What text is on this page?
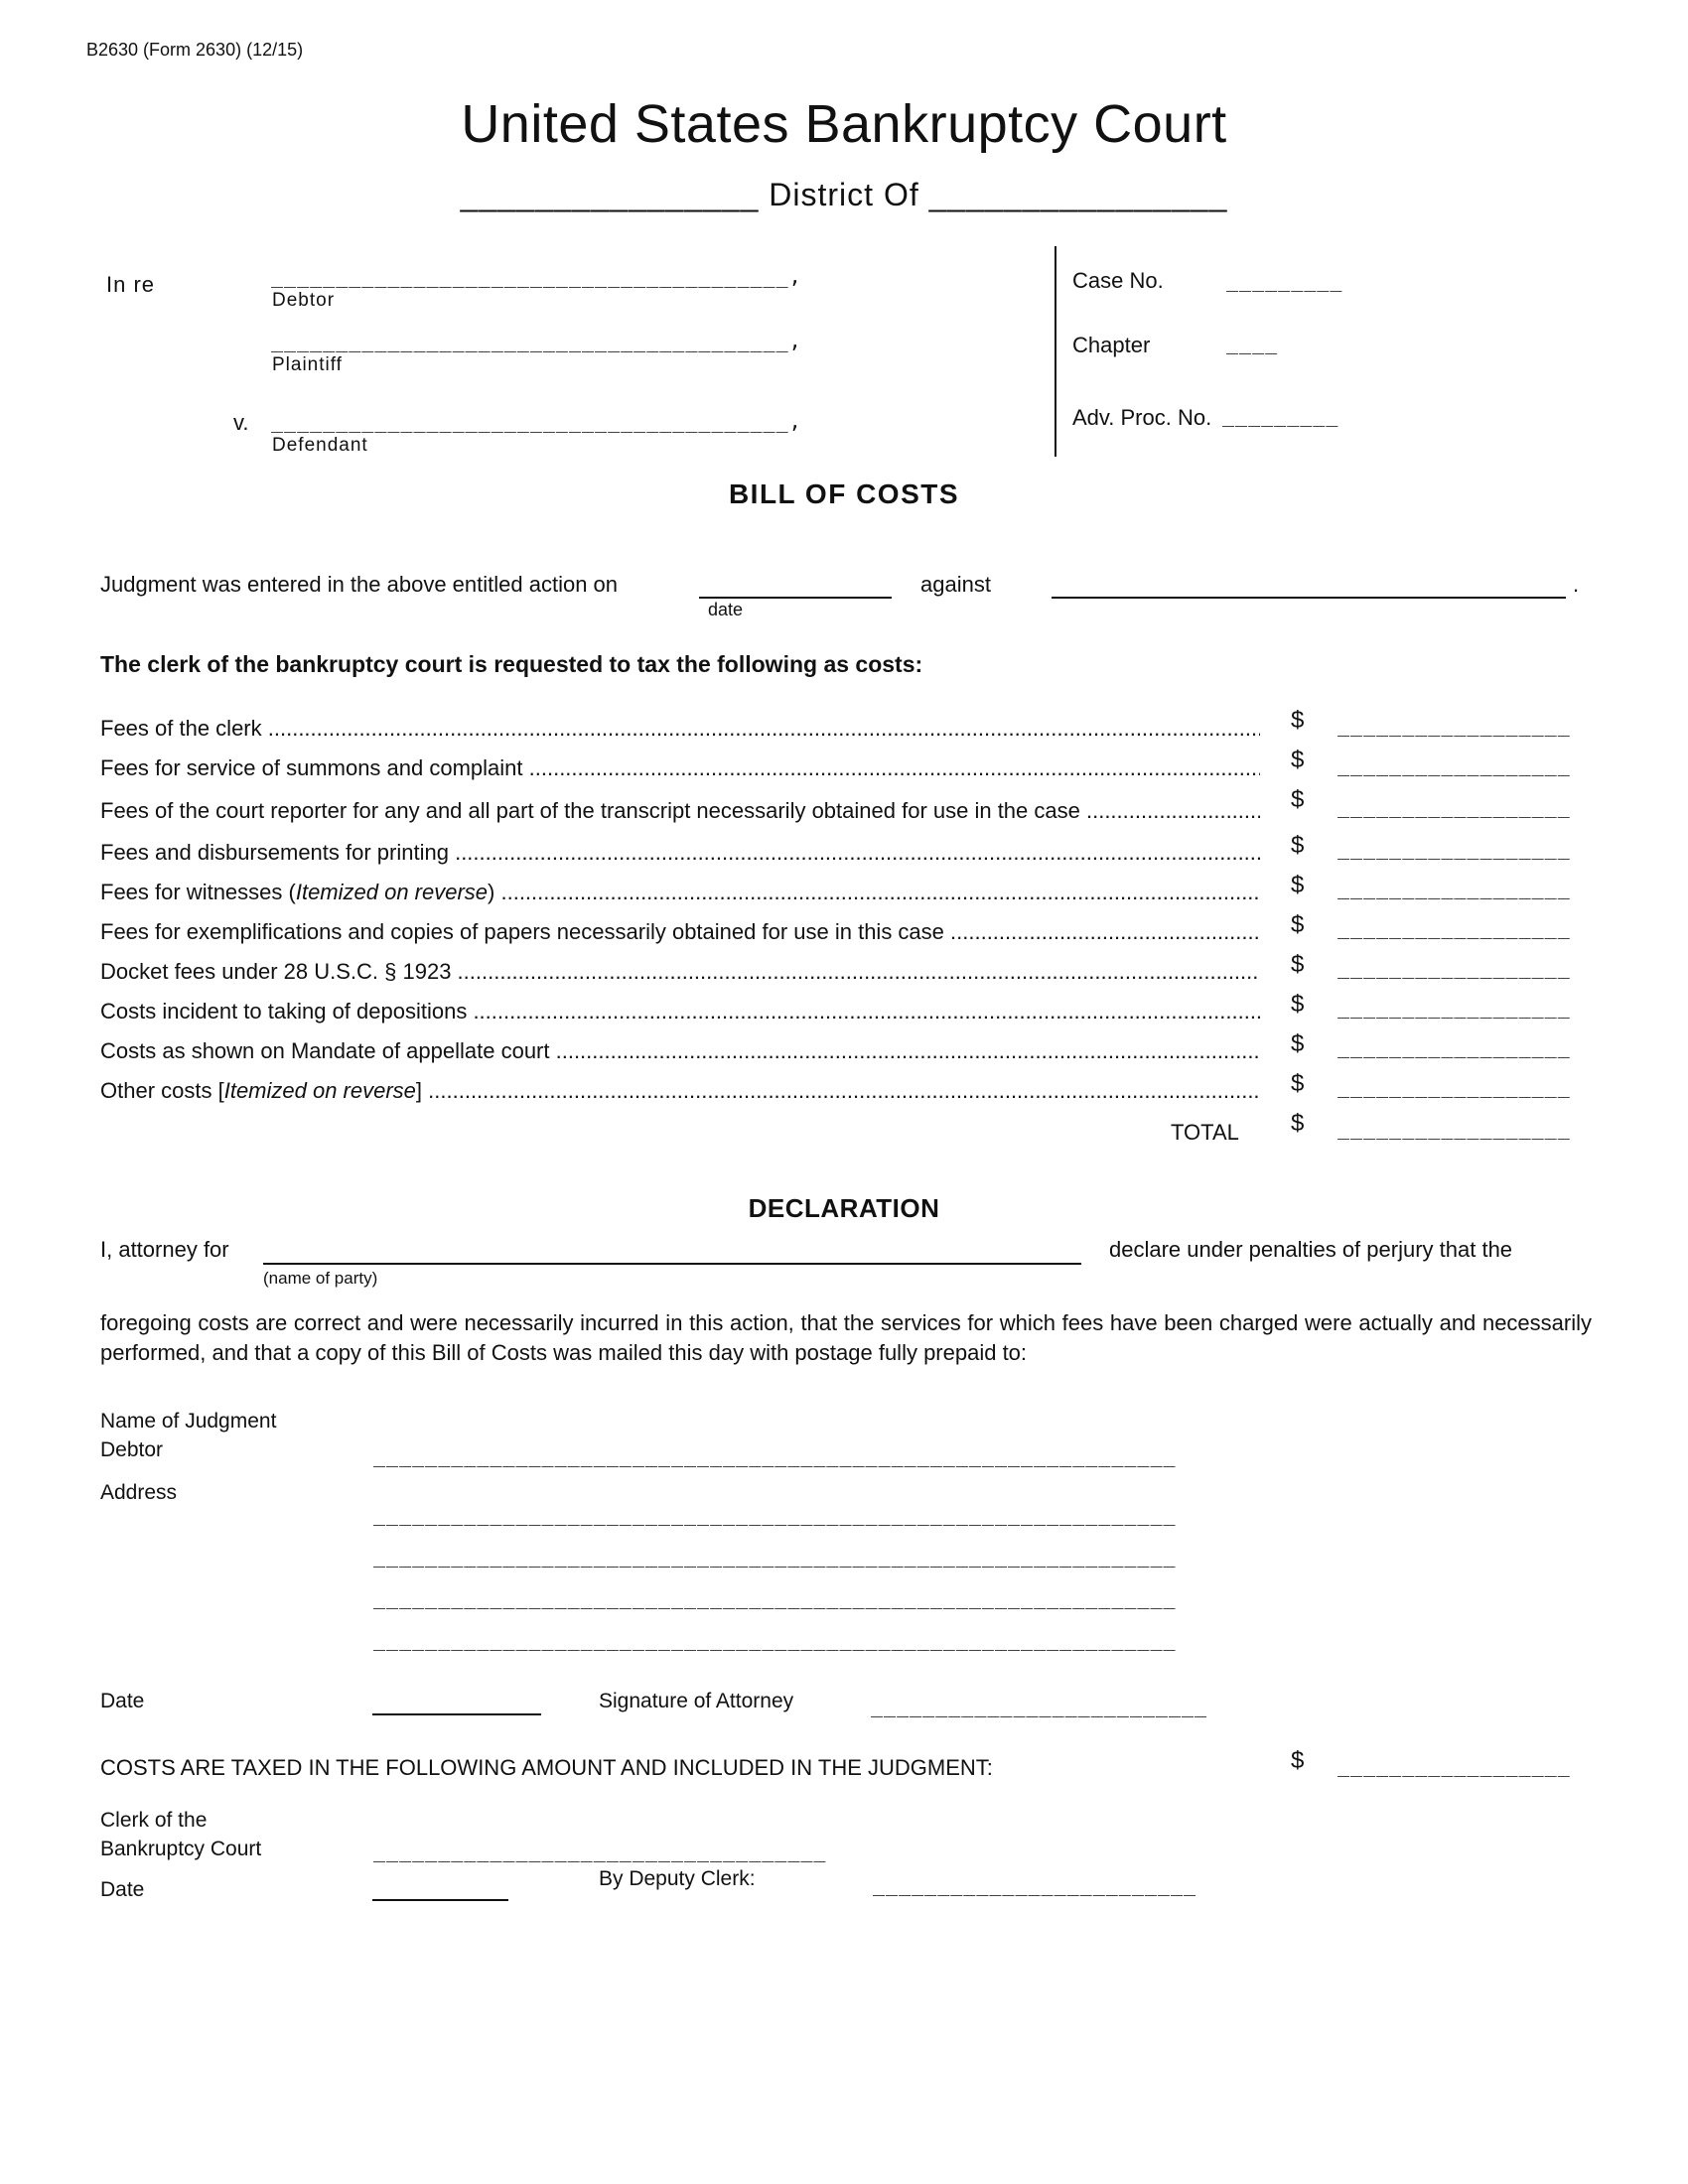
B2630 (Form 2630) (12/15)
United States Bankruptcy Court
________________ District Of ________________
In re	________________________________________,
Debtor
________________________________________,
Plaintiff
v. ________________________________________,
Defendant
Case No.	_________
Chapter	____
Adv. Proc. No. _________
BILL OF COSTS
Judgment was entered in the above entitled action on
date
against	.
The clerk of the bankruptcy court is requested to tax the following as costs:
Fees of the clerk .....	$ __________________
Fees for service of summons and complaint .....	$ __________________
Fees of the court reporter for any and all part of the transcript necessarily obtained for use in the case .....	$ __________________
Fees and disbursements for printing .....	$ __________________
Fees for witnesses (Itemized on reverse) .....	$ __________________
Fees for exemplifications and copies of papers necessarily obtained for use in this case .....	$ __________________
Docket fees under 28 U.S.C. § 1923 .....	$ __________________
Costs incident to taking of depositions .....	$ __________________
Costs as shown on Mandate of appellate court .....	$ __________________
Other costs [Itemized on reverse] .....	$ __________________
TOTAL $ __________________
DECLARATION
I, attorney for
(name of party)
declare under penalties of perjury that the
foregoing costs are correct and were necessarily incurred in this action, that the services for which fees have been charged were actually and necessarily performed, and that a copy of this Bill of Costs was mailed this day with postage fully prepaid to:
Name of Judgment
Debtor	______________________________________________________________
Address
______________________________________________________________
______________________________________________________________
______________________________________________________________
______________________________________________________________
Date	Signature of Attorney	__________________________
COSTS ARE TAXED IN THE FOLLOWING AMOUNT AND INCLUDED IN THE JUDGMENT:	$ __________________
Clerk of the
Bankruptcy Court	___________________________________
Date	By Deputy Clerk:	_________________________
